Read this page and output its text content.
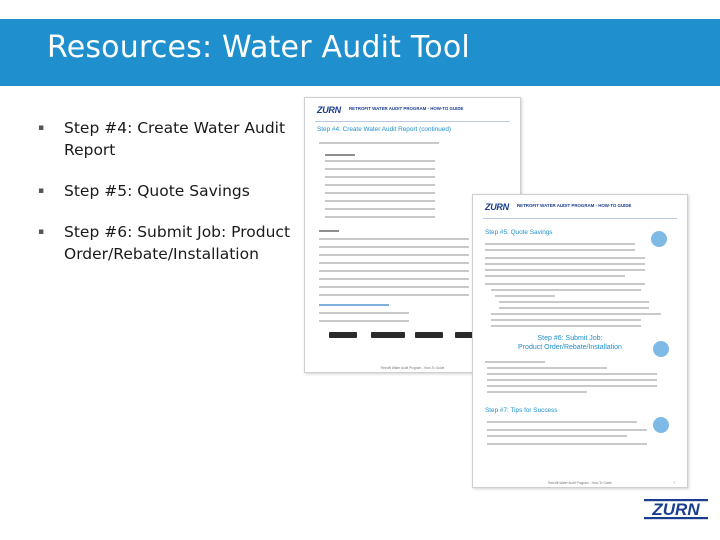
Resources: Water Audit Tool
▪ Step #4: Create Water Audit Report
▪ Step #5: Quote Savings
▪ Step #6: Submit Job: Product Order/Rebate/Installation
ZURN RETROFIT WATER AUDIT PROGRAM - HOW-TO GUIDE
Step #4: Create Water Audit Report (continued)
Retrofit Water Audit Program - How-To Guide
ZURN RETROFIT WATER AUDIT PROGRAM - HOW-TO GUIDE
Step #5: Quote Savings
Step #6: Submit Job:
Product Order/Rebate/Installation
Step #7: Tips for Success
Retrofit Water Audit Program - How-To Guide	7
ZURN
